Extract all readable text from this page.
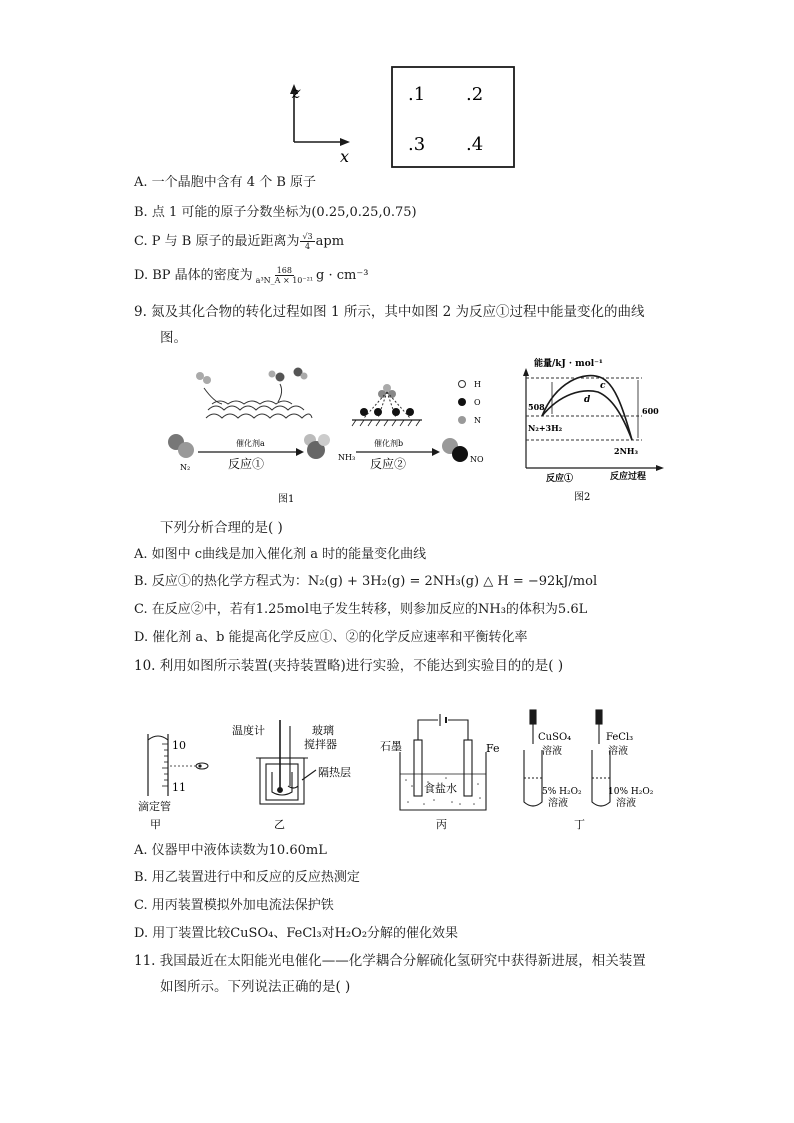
z
x
.1 .2
.3 .4
A. 一个晶胞中含有 4 个 B 原子
B. 点 1 可能的原子分数坐标为(0.25,0.25,0.75)
C. P 与 B 原子的最近距离为 $\frac{√3}{4}$ apm
D. BP 晶体的密度为 $\frac{168}{\text{a³N\_A × 10⁻²¹}}$ g · cm⁻³
9. 氮及其化合物的转化过程如图 1 所示，其中如图 2 为反应①过程中能量变化的曲线
图。
N₂
催化剂a
反应①	NH₃
H
O
N
催化剂b
反应②	NO
图1
能量/kJ · mol⁻¹
508	600
c
d
N₂+3H₂
2NH₃
反应①	反应过程
图2
下列分析合理的是( )
A. 如图中 c曲线是加入催化剂 a 时的能量变化曲线
B. 反应①的热化学方程式为：N₂(g) + 3H₂(g) = 2NH₃(g) △ H = −92kJ/mol
C. 在反应②中，若有1.25mol电子发生转移，则参加反应的NH₃的体积为5.6L
D. 催化剂 a、b 能提高化学反应①、②的化学反应速率和平衡转化率
10. 利用如图所示装置(夹持装置略)进行实验，不能达到实验目的的是( )
10
11
滴定管
甲
温度计	玻璃
搅拌器
隔热层
乙
石墨	Fe
食盐水
丙
CuSO₄
溶液
FeCl₃
溶液
5% H₂O₂
溶液
10% H₂O₂
溶液
丁
A. 仪器甲中液体读数为10.60mL
B. 用乙装置进行中和反应的反应热测定
C. 用丙装置模拟外加电流法保护铁
D. 用丁装置比较CuSO₄、FeCl₃对H₂O₂分解的催化效果
11. 我国最近在太阳能光电催化——化学耦合分解硫化氢研究中获得新进展，相关装置
如图所示。下列说法正确的是( )
